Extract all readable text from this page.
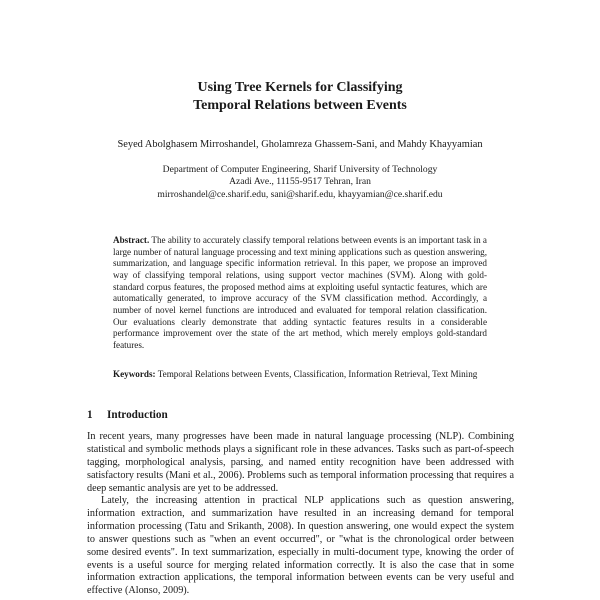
Using Tree Kernels for Classifying
Temporal Relations between Events
Seyed Abolghasem Mirroshandel, Gholamreza Ghassem-Sani, and Mahdy Khayyamian
Department of Computer Engineering, Sharif University of Technology
Azadi Ave., 11155-9517 Tehran, Iran
mirroshandel@ce.sharif.edu, sani@sharif.edu, khayyamian@ce.sharif.edu

Abstract. The ability to accurately classify temporal relations between events is an important task in a large number of natural language processing and text mining applications such as question answering, summarization, and language specific information retrieval. In this paper, we propose an improved way of classifying temporal relations, using support vector machines (SVM). Along with gold-standard corpus features, the proposed method aims at exploiting useful syntactic features, which are automatically generated, to improve accuracy of the SVM classification method. Accordingly, a number of novel kernel functions are introduced and evaluated for temporal relation classification. Our evaluations clearly demonstrate that adding syntactic features results in a considerable performance improvement over the state of the art method, which merely employs gold-standard features.

Keywords: Temporal Relations between Events, Classification, Information Retrieval, Text Mining

1 Introduction

In recent years, many progresses have been made in natural language processing (NLP). Combining statistical and symbolic methods plays a significant role in these advances. Tasks such as part-of-speech tagging, morphological analysis, parsing, and named entity recognition have been addressed with satisfactory results (Mani et al., 2006). Problems such as temporal information processing that requires a deep semantic analysis are yet to be addressed.

Lately, the increasing attention in practical NLP applications such as question answering, information extraction, and summarization have resulted in an increasing demand for temporal information processing (Tatu and Srikanth, 2008). In question answering, one would expect the system to answer questions such as "when an event occurred", or "what is the chronological order between some desired events". In text summarization, especially in multi-document type, knowing the order of events is a useful source for merging related information correctly. It is also the case that in some information extraction applications, the temporal information between events can be very useful and effective (Alonso, 2009).
